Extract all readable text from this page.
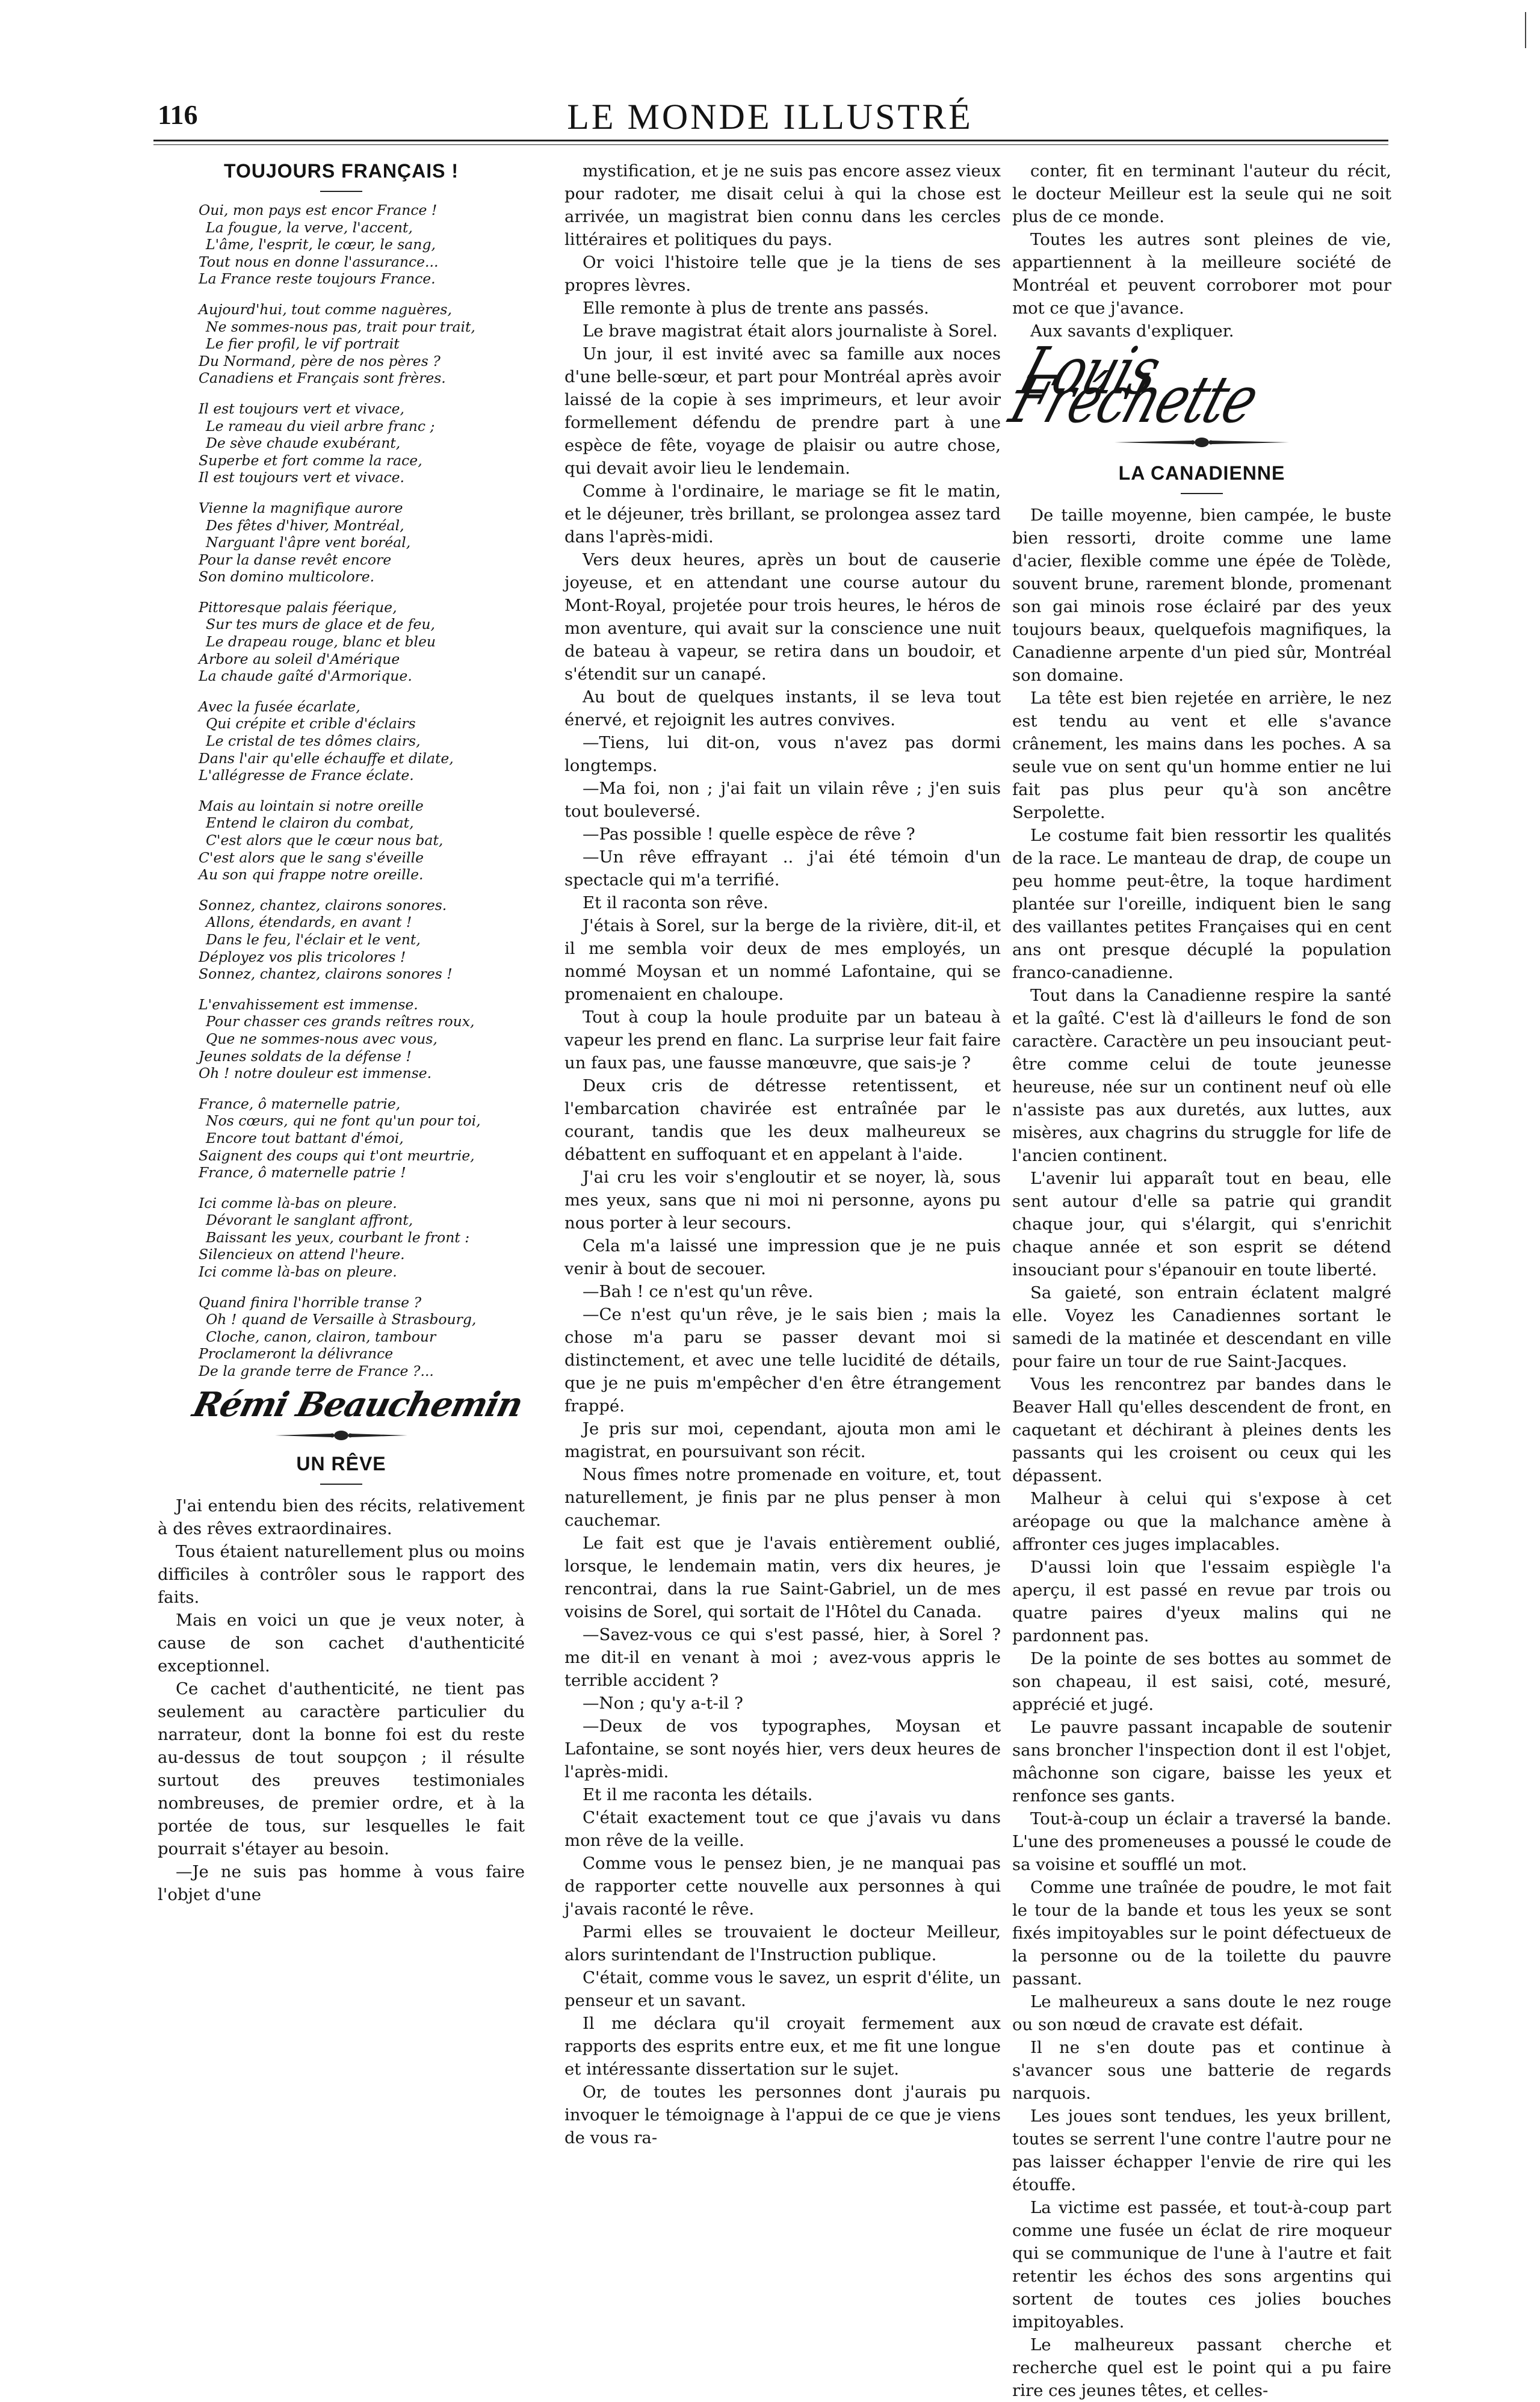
116	LE MONDE ILLUSTRÉ

TOUJOURS FRANÇAIS !

Oui, mon pays est encor France !
La fougue, la verve, l'accent,
L'âme, l'esprit, le cœur, le sang,
Tout nous en donne l'assurance...
La France reste toujours France.
Aujourd'hui, tout comme naguères,
Ne sommes-nous pas, trait pour trait,
Le fier profil, le vif portrait
Du Normand, père de nos pères ?
Canadiens et Français sont frères.
Il est toujours vert et vivace,
Le rameau du vieil arbre franc ;
De sève chaude exubérant,
Superbe et fort comme la race,
Il est toujours vert et vivace.
Vienne la magnifique aurore
Des fêtes d'hiver, Montréal,
Narguant l'âpre vent boréal,
Pour la danse revêt encore
Son domino multicolore.
Pittoresque palais féerique,
Sur tes murs de glace et de feu,
Le drapeau rouge, blanc et bleu
Arbore au soleil d'Amérique
La chaude gaîté d'Armorique.
Avec la fusée écarlate,
Qui crépite et crible d'éclairs
Le cristal de tes dômes clairs,
Dans l'air qu'elle échauffe et dilate,
L'allégresse de France éclate.
Mais au lointain si notre oreille
Entend le clairon du combat,
C'est alors que le cœur nous bat,
C'est alors que le sang s'éveille
Au son qui frappe notre oreille.
Sonnez, chantez, clairons sonores.
Allons, étendards, en avant !
Dans le feu, l'éclair et le vent,
Déployez vos plis tricolores !
Sonnez, chantez, clairons sonores !
L'envahissement est immense.
Pour chasser ces grands reîtres roux,
Que ne sommes-nous avec vous,
Jeunes soldats de la défense !
Oh ! notre douleur est immense.
France, ô maternelle patrie,
Nos cœurs, qui ne font qu'un pour toi,
Encore tout battant d'émoi,
Saignent des coups qui t'ont meurtrie,
France, ô maternelle patrie !
Ici comme là-bas on pleure.
Dévorant le sanglant affront,
Baissant les yeux, courbant le front :
Silencieux on attend l'heure.
Ici comme là-bas on pleure.
Quand finira l'horrible transe ?
Oh ! quand de Versaille à Strasbourg,
Cloche, canon, clairon, tambour
Proclameront la délivrance
De la grande terre de France ?...
Rémi Beauchemin

UN RÊVE

J'ai entendu bien des récits, relativement à des rêves extraordinaires.

Tous étaient naturellement plus ou moins difficiles à contrôler sous le rapport des faits.

Mais en voici un que je veux noter, à cause de son cachet d'authenticité exceptionnel.

Ce cachet d'authenticité, ne tient pas seulement au caractère particulier du narrateur, dont la bonne foi est du reste au-dessus de tout soupçon ; il résulte surtout des preuves testimoniales nombreuses, de premier ordre, et à la portée de tous, sur lesquelles le fait pourrait s'étayer au besoin.

—Je ne suis pas homme à vous faire l'objet d'une

mystification, et je ne suis pas encore assez vieux pour radoter, me disait celui à qui la chose est arrivée, un magistrat bien connu dans les cercles littéraires et politiques du pays.

Or voici l'histoire telle que je la tiens de ses propres lèvres.

Elle remonte à plus de trente ans passés.

Le brave magistrat était alors journaliste à Sorel.

Un jour, il est invité avec sa famille aux noces d'une belle-sœur, et part pour Montréal après avoir laissé de la copie à ses imprimeurs, et leur avoir formellement défendu de prendre part à une espèce de fête, voyage de plaisir ou autre chose, qui devait avoir lieu le lendemain.

Comme à l'ordinaire, le mariage se fit le matin, et le déjeuner, très brillant, se prolongea assez tard dans l'après-midi.

Vers deux heures, après un bout de causerie joyeuse, et en attendant une course autour du Mont-Royal, projetée pour trois heures, le héros de mon aventure, qui avait sur la conscience une nuit de bateau à vapeur, se retira dans un boudoir, et s'étendit sur un canapé.

Au bout de quelques instants, il se leva tout énervé, et rejoignit les autres convives.

—Tiens, lui dit-on, vous n'avez pas dormi longtemps.

—Ma foi, non ; j'ai fait un vilain rêve ; j'en suis tout bouleversé.

—Pas possible ! quelle espèce de rêve ?

—Un rêve effrayant .. j'ai été témoin d'un spectacle qui m'a terrifié.

Et il raconta son rêve.

J'étais à Sorel, sur la berge de la rivière, dit-il, et il me sembla voir deux de mes employés, un nommé Moysan et un nommé Lafontaine, qui se promenaient en chaloupe.

Tout à coup la houle produite par un bateau à vapeur les prend en flanc. La surprise leur fait faire un faux pas, une fausse manœuvre, que sais-je ?

Deux cris de détresse retentissent, et l'embarcation chavirée est entraînée par le courant, tandis que les deux malheureux se débattent en suffoquant et en appelant à l'aide.

J'ai cru les voir s'engloutir et se noyer, là, sous mes yeux, sans que ni moi ni personne, ayons pu nous porter à leur secours.

Cela m'a laissé une impression que je ne puis venir à bout de secouer.

—Bah ! ce n'est qu'un rêve.

—Ce n'est qu'un rêve, je le sais bien ; mais la chose m'a paru se passer devant moi si distinctement, et avec une telle lucidité de détails, que je ne puis m'empêcher d'en être étrangement frappé.

Je pris sur moi, cependant, ajouta mon ami le magistrat, en poursuivant son récit.

Nous fîmes notre promenade en voiture, et, tout naturellement, je finis par ne plus penser à mon cauchemar.

Le fait est que je l'avais entièrement oublié, lorsque, le lendemain matin, vers dix heures, je rencontrai, dans la rue Saint-Gabriel, un de mes voisins de Sorel, qui sortait de l'Hôtel du Canada.

—Savez-vous ce qui s'est passé, hier, à Sorel ? me dit-il en venant à moi ; avez-vous appris le terrible accident ?

—Non ; qu'y a-t-il ?

—Deux de vos typographes, Moysan et Lafontaine, se sont noyés hier, vers deux heures de l'après-midi.

Et il me raconta les détails.

C'était exactement tout ce que j'avais vu dans mon rêve de la veille.

Comme vous le pensez bien, je ne manquai pas de rapporter cette nouvelle aux personnes à qui j'avais raconté le rêve.

Parmi elles se trouvaient le docteur Meilleur, alors surintendant de l'Instruction publique.

C'était, comme vous le savez, un esprit d'élite, un penseur et un savant.

Il me déclara qu'il croyait fermement aux rapports des esprits entre eux, et me fit une longue et intéressante dissertation sur le sujet.

Or, de toutes les personnes dont j'aurais pu invoquer le témoignage à l'appui de ce que je viens de vous ra-

conter, fit en terminant l'auteur du récit, le docteur Meilleur est la seule qui ne soit plus de ce monde.

Toutes les autres sont pleines de vie, appartiennent à la meilleure société de Montréal et peuvent corroborer mot pour mot ce que j'avance.

Aux savants d'expliquer.

Louis Fréchette

LA CANADIENNE

De taille moyenne, bien campée, le buste bien ressorti, droite comme une lame d'acier, flexible comme une épée de Tolède, souvent brune, rarement blonde, promenant son gai minois rose éclairé par des yeux toujours beaux, quelquefois magnifiques, la Canadienne arpente d'un pied sûr, Montréal son domaine.

La tête est bien rejetée en arrière, le nez est tendu au vent et elle s'avance crânement, les mains dans les poches. A sa seule vue on sent qu'un homme entier ne lui fait pas plus peur qu'à son ancêtre Serpolette.

Le costume fait bien ressortir les qualités de la race. Le manteau de drap, de coupe un peu homme peut-être, la toque hardiment plantée sur l'oreille, indiquent bien le sang des vaillantes petites Françaises qui en cent ans ont presque décuplé la population franco-canadienne.

Tout dans la Canadienne respire la santé et la gaîté. C'est là d'ailleurs le fond de son caractère. Caractère un peu insouciant peut-être comme celui de toute jeunesse heureuse, née sur un continent neuf où elle n'assiste pas aux duretés, aux luttes, aux misères, aux chagrins du struggle for life de l'ancien continent.

L'avenir lui apparaît tout en beau, elle sent autour d'elle sa patrie qui grandit chaque jour, qui s'élargit, qui s'enrichit chaque année et son esprit se détend insouciant pour s'épanouir en toute liberté.

Sa gaieté, son entrain éclatent malgré elle. Voyez les Canadiennes sortant le samedi de la matinée et descendant en ville pour faire un tour de rue Saint-Jacques.

Vous les rencontrez par bandes dans le Beaver Hall qu'elles descendent de front, en caquetant et déchirant à pleines dents les passants qui les croisent ou ceux qui les dépassent.

Malheur à celui qui s'expose à cet aréopage ou que la malchance amène à affronter ces juges implacables.

D'aussi loin que l'essaim espiègle l'a aperçu, il est passé en revue par trois ou quatre paires d'yeux malins qui ne pardonnent pas.

De la pointe de ses bottes au sommet de son chapeau, il est saisi, coté, mesuré, apprécié et jugé.

Le pauvre passant incapable de soutenir sans broncher l'inspection dont il est l'objet, mâchonne son cigare, baisse les yeux et renfonce ses gants.

Tout-à-coup un éclair a traversé la bande. L'une des promeneuses a poussé le coude de sa voisine et soufflé un mot.

Comme une traînée de poudre, le mot fait le tour de la bande et tous les yeux se sont fixés impitoyables sur le point défectueux de la personne ou de la toilette du pauvre passant.

Le malheureux a sans doute le nez rouge ou son nœud de cravate est défait.

Il ne s'en doute pas et continue à s'avancer sous une batterie de regards narquois.

Les joues sont tendues, les yeux brillent, toutes se serrent l'une contre l'autre pour ne pas laisser échapper l'envie de rire qui les étouffe.

La victime est passée, et tout-à-coup part comme une fusée un éclat de rire moqueur qui se communique de l'une à l'autre et fait retentir les échos des sons argentins qui sortent de toutes ces jolies bouches impitoyables.

Le malheureux passant cherche et recherche quel est le point qui a pu faire rire ces jeunes têtes, et celles-
